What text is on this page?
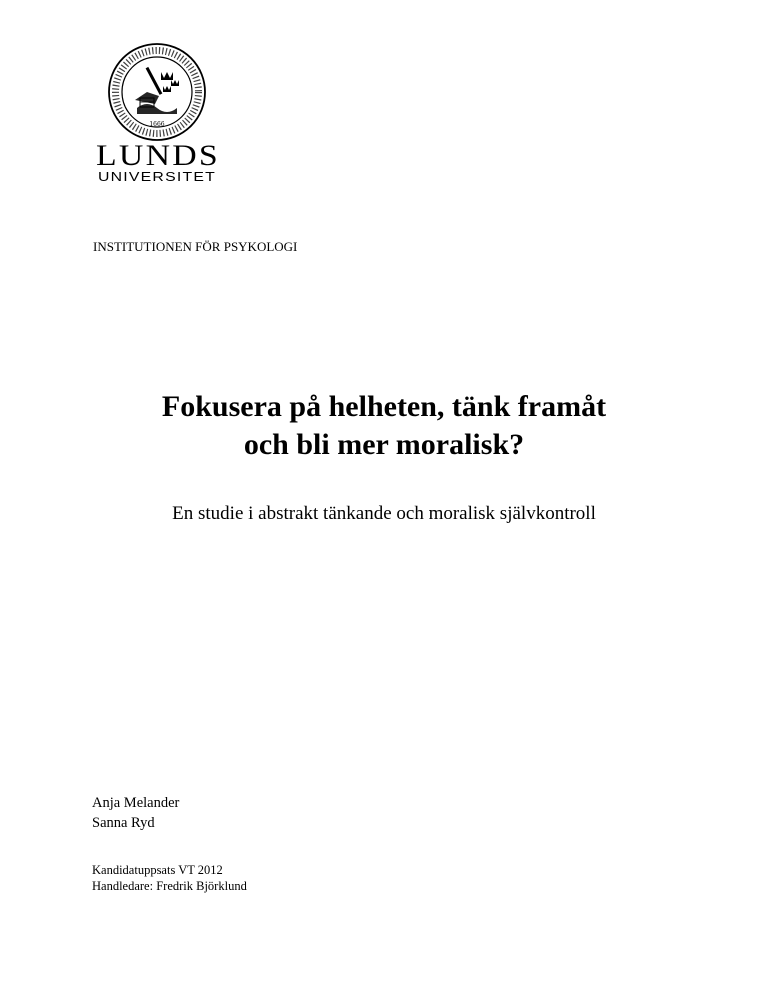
1666
LUNDS
UNIVERSITET
INSTITUTIONEN FÖR PSYKOLOGI
Fokusera på helheten, tänk framåt
och bli mer moralisk?
En studie i abstrakt tänkande och moralisk självkontroll
Anja Melander
Sanna Ryd
Kandidatuppsats VT 2012
Handledare: Fredrik Björklund
